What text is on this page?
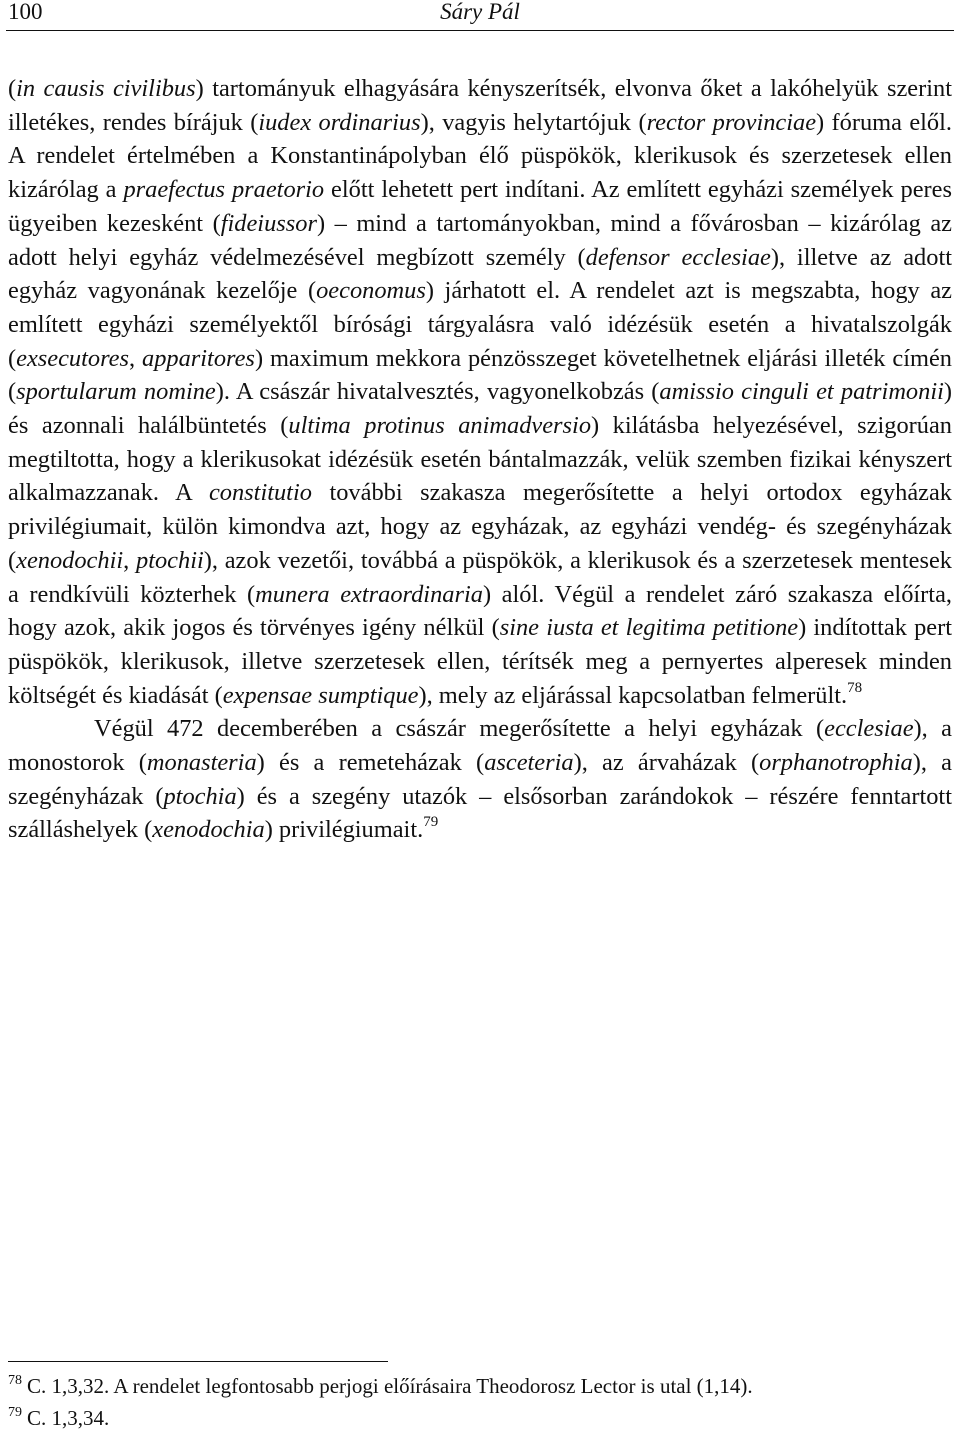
100	Sáry Pál

(in causis civilibus) tartományuk elhagyására kényszerítsék, elvonva őket a lakóhelyük szerint illetékes, rendes bírájuk (iudex ordinarius), vagyis helytartójuk (rector provinciae) fóruma elől. A rendelet értelmében a Konstantinápolyban élő püspökök, klerikusok és szerzetesek ellen kizárólag a praefectus praetorio előtt lehetett pert indítani. Az említett egyházi személyek peres ügyeiben kezesként (fideiussor) – mind a tartományokban, mind a fővárosban – kizárólag az adott helyi egyház védelmezésével megbízott személy (defensor ecclesiae), illetve az adott egyház vagyonának kezelője (oeconomus) járhatott el. A rendelet azt is megszabta, hogy az említett egyházi személyektől bírósági tárgyalásra való idézésük esetén a hivatalszolgák (exsecutores, apparitores) maximum mekkora pénzösszeget követelhetnek eljárási illeték címén (sportularum nomine). A császár hivatalvesztés, vagyonelkobzás (amissio cinguli et patrimonii) és azonnali halálbüntetés (ultima protinus animadversio) kilátásba helyezésével, szigorúan megtiltotta, hogy a klerikusokat idézésük esetén bántalmazzák, velük szemben fizikai kényszert alkalmazzanak. A constitutio további szakasza megerősítette a helyi ortodox egyházak privilégiumait, külön kimondva azt, hogy az egyházak, az egyházi vendég- és szegényházak (xenodochii, ptochii), azok vezetői, továbbá a püspökök, a klerikusok és a szerzetesek mentesek a rendkívüli közterhek (munera extraordinaria) alól. Végül a rendelet záró szakasza előírta, hogy azok, akik jogos és törvényes igény nélkül (sine iusta et legitima petitione) indítottak pert püspökök, klerikusok, illetve szerzetesek ellen, térítsék meg a pernyertes alperesek minden költségét és kiadását (expensae sumptique), mely az eljárással kapcsolatban felmerült.$^{78}$

Végül 472 decemberében a császár megerősítette a helyi egyházak (ecclesiae), a monostorok (monasteria) és a remeteházak (asceteria), az árvaházak (orphanotrophia), a szegényházak (ptochia) és a szegény utazók – elsősorban zarándokok – részére fenntartott szálláshelyek (xenodochia) privilégiumait.$^{79}$

$^{78}$ C. 1,3,32. A rendelet legfontosabb perjogi előírásaira Theodorosz Lector is utal (1,14).
$^{79}$ C. 1,3,34.
